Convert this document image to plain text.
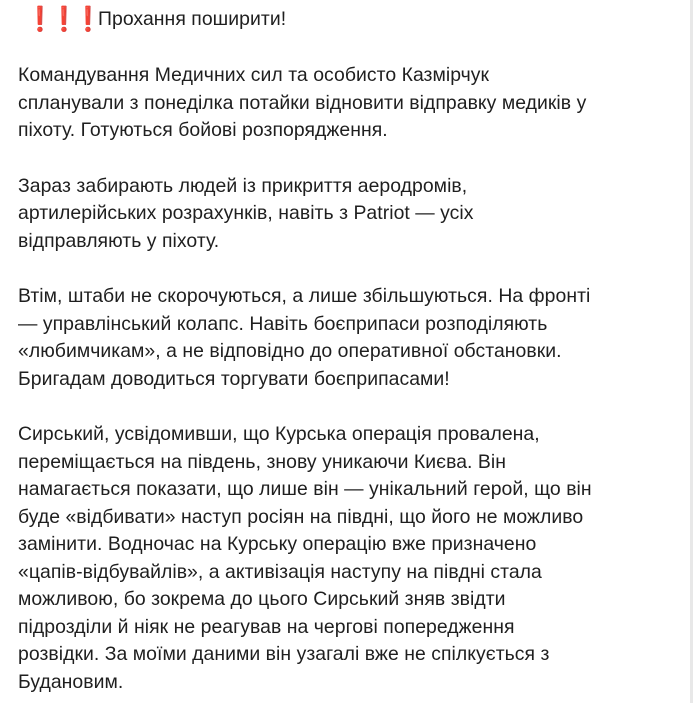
❗
❗
❗
Прохання поширити!
Командування Медичних сил та особисто Казмірчук
спланували з понеділка потайки відновити відправку медиків у
піхоту. Готуються бойові розпорядження.
Зараз забирають людей із прикриття аеродромів,
артилерійських розрахунків, навіть з Patriot — усіх
відправляють у піхоту.
Втім, штаби не скорочуються, а лише збільшуються. На фронті
— управлінський колапс. Навіть боєприпаси розподіляють
«любимчикам», а не відповідно до оперативної обстановки.
Бригадам доводиться торгувати боєприпасами!
Сирський, усвідомивши, що Курська операція провалена,
переміщається на південь, знову уникаючи Києва. Він
намагається показати, що лише він — унікальний герой, що він
буде «відбивати» наступ росіян на півдні, що його не можливо
замінити. Водночас на Курську операцію вже призначено
«цапів-відбувайлів», а активізація наступу на півдні стала
можливою, бо зокрема до цього Сирський зняв звідти
підрозділи й ніяк не реагував на чергові попередження
розвідки. За моїми даними він узагалі вже не спілкується з
Будановим.
